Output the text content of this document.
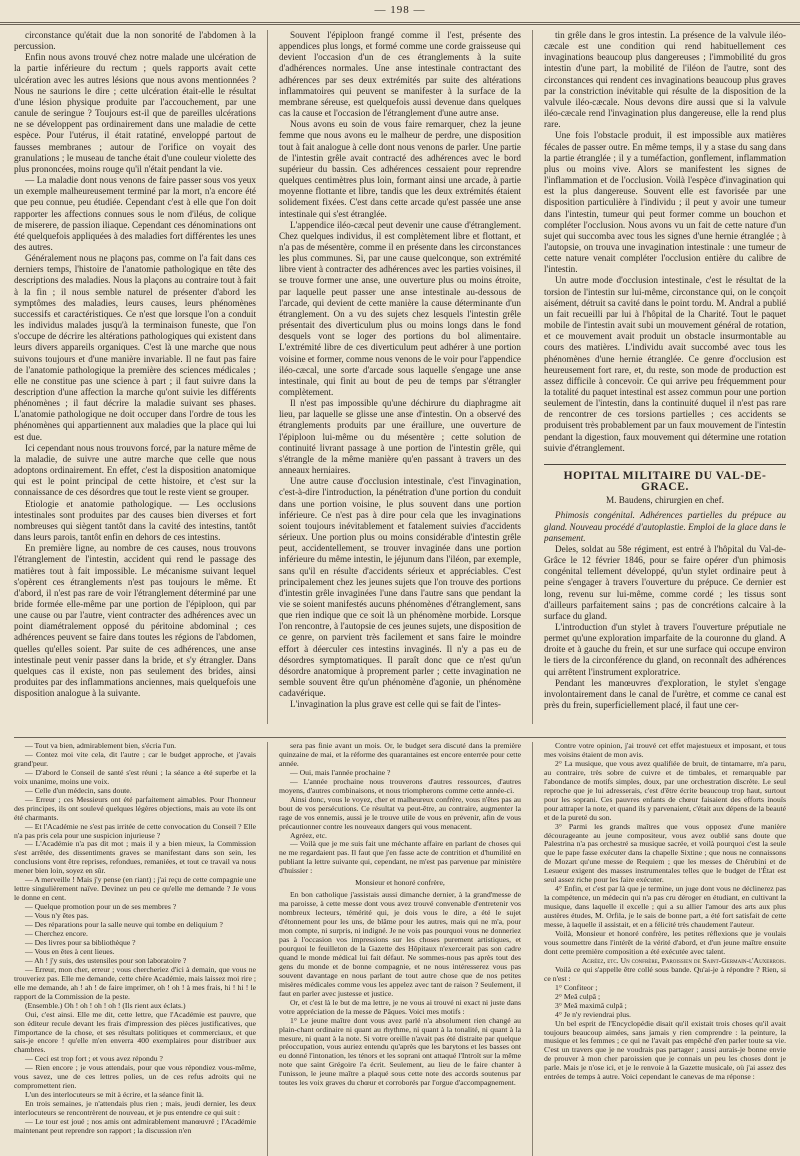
— 198 —

circonstance qu'était due la non sonorité de l'abdomen à la percussion.

Enfin nous avons trouvé chez notre malade une ulcération de la partie inférieure du rectum ; quels rapports avait cette ulcération avec les autres lésions que nous avons mentionnées ? Nous ne saurions le dire ; cette ulcération était-elle le résultat d'une lésion physique produite par l'accouchement, par une canule de seringue ? Toujours est-il que de pareilles ulcérations ne se développent pas ordinairement dans une maladie de cette espèce. Pour l'utérus, il était ratatiné, enveloppé partout de fausses membranes ; autour de l'orifice on voyait des granulations ; le museau de tanche était d'une couleur violette des plus prononcées, moins rouge qu'il n'était pendant la vie.

— La maladie dont nous venons de faire passer sous vos yeux un exemple malheureusement terminé par la mort, n'a encore été que peu connue, peu étudiée. Cependant c'est à elle que l'on doit rapporter les affections connues sous le nom d'iléus, de colique de miserere, de passion iliaque. Cependant ces dénominations ont été quelquefois appliquées à des maladies fort différentes les unes des autres.

Généralement nous ne plaçons pas, comme on l'a fait dans ces derniers temps, l'histoire de l'anatomie pathologique en tête des descriptions des maladies. Nous la plaçons au contraire tout à fait à la fin ; il nous semble naturel de présenter d'abord les symptômes des maladies, leurs causes, leurs phénomènes successifs et caractéristiques. Ce n'est que lorsque l'on a conduit les individus malades jusqu'à la terminaison funeste, que l'on s'occupe de décrire les altérations pathologiques qui existent dans leurs divers appareils organiques. C'est là une marche que nous suivons toujours et d'une manière invariable. Il ne faut pas faire de l'anatomie pathologique la première des sciences médicales ; elle ne constitue pas une science à part ; il faut suivre dans la description d'une affection la marche qu'ont suivie les différents phénomènes ; il faut décrire la maladie suivant ses phases. L'anatomie pathologique ne doit occuper dans l'ordre de tous les phénomènes qui appartiennent aux maladies que la place qui lui est due.

Ici cependant nous nous trouvons forcé, par la nature même de la maladie, de suivre une autre marche que celle que nous adoptons ordinairement. En effet, c'est la disposition anatomique qui est le point principal de cette histoire, et c'est sur la connaissance de ces désordres que tout le reste vient se grouper.

Etiologie et anatomie pathologique. — Les occlusions intestinales sont produites par des causes bien diverses et fort nombreuses qui siègent tantôt dans la cavité des intestins, tantôt dans leurs parois, tantôt enfin en dehors de ces intestins.

En première ligne, au nombre de ces causes, nous trouvons l'étranglement de l'intestin, accident qui rend le passage des matières tout à fait impossible. Le mécanisme suivant lequel s'opèrent ces étranglements n'est pas toujours le même. Et d'abord, il n'est pas rare de voir l'étranglement déterminé par une bride formée elle-même par une portion de l'épiploon, qui par une cause ou par l'autre, vient contracter des adhérences avec un point diamétralement opposé du péritoine abdominal ; ces adhérences peuvent se faire dans toutes les régions de l'abdomen, quelles qu'elles soient. Par suite de ces adhérences, une anse intestinale peut venir passer dans la bride, et s'y étrangler. Dans quelques cas il existe, non pas seulement des brides, ainsi produites par des inflammations anciennes, mais quelquefois une disposition analogue à la suivante.

Souvent l'épiploon frangé comme il l'est, présente des appendices plus longs, et formé comme une corde graisseuse qui devient l'occasion d'un de ces étranglements à la suite d'adhérences normales. Une anse intestinale contractant des adhérences par ses deux extrémités par suite des altérations inflammatoires qui peuvent se manifester à la surface de la membrane séreuse, est quelquefois aussi devenue dans quelques cas la cause et l'occasion de l'étranglement d'une autre anse.

Nous avons eu soin de vous faire remarquer, chez la jeune femme que nous avons eu le malheur de perdre, une disposition tout à fait analogue à celle dont nous venons de parler. Une partie de l'intestin grêle avait contracté des adhérences avec le bord supérieur du bassin. Ces adhérences cessaient pour reprendre quelques centimètres plus loin, formant ainsi une arcade, à partie moyenne flottante et libre, tandis que les deux extrémités étaient solidement fixées. C'est dans cette arcade qu'est passée une anse intestinale qui s'est étranglée.

L'appendice iléo-cæcal peut devenir une cause d'étranglement. Chez quelques individus, il est complètement libre et flottant, et n'a pas de mésentère, comme il en présente dans les circonstances les plus communes. Si, par une cause quelconque, son extrémité libre vient à contracter des adhérences avec les parties voisines, il se trouve former une anse, une ouverture plus ou moins étroite, par laquelle peut passer une anse intestinale au-dessous de l'arcade, qui devient de cette manière la cause déterminante d'un étranglement. On a vu des sujets chez lesquels l'intestin grêle présentait des diverticulum plus ou moins longs dans le fond desquels vont se loger des portions du bol alimentaire. L'extrémité libre de ces diverticulum peut adhérer à une portion voisine et former, comme nous venons de le voir pour l'appendice iléo-cæcal, une sorte d'arcade sous laquelle s'engage une anse intestinale, qui finit au bout de peu de temps par s'étrangler complètement.

Il n'est pas impossible qu'une déchirure du diaphragme ait lieu, par laquelle se glisse une anse d'intestin. On a observé des étranglements produits par une éraillure, une ouverture de l'épiploon lui-même ou du mésentère ; cette solution de continuité livrant passage à une portion de l'intestin grêle, qui s'étrangle de la même manière qu'en passant à travers un des anneaux herniaires.

Une autre cause d'occlusion intestinale, c'est l'invagination, c'est-à-dire l'introduction, la pénétration d'une portion du conduit dans une portion voisine, le plus souvent dans une portion inférieure. Ce n'est pas à dire pour cela que les invaginations soient toujours inévitablement et fatalement suivies d'accidents sérieux. Une portion plus ou moins considérable d'intestin grêle peut, accidentellement, se trouver invaginée dans une portion inférieure du même intestin, le jéjunum dans l'iléon, par exemple, sans qu'il en résulte d'accidents sérieux et appréciables. C'est principalement chez les jeunes sujets que l'on trouve des portions d'intestin grêle invaginées l'une dans l'autre sans que pendant la vie se soient manifestés aucuns phénomènes d'étranglement, sans que rien indique que ce soit là un phénomène morbide. Lorsque l'on rencontre, à l'autopsie de ces jeunes sujets, une disposition de ce genre, on parvient très facilement et sans faire le moindre effort à déerculer ces intestins invaginés. Il n'y a pas eu de désordres symptomatiques. Il paraît donc que ce n'est qu'un désordre anatomique à proprement parler ; cette invagination ne semble souvent être qu'un phénomène d'agonie, un phénomène cadavérique.

L'invagination la plus grave est celle qui se fait de l'intes-

tin grêle dans le gros intestin. La présence de la valvule iléo-cæcale est une condition qui rend habituellement ces invaginations beaucoup plus dangereuses ; l'immobilité du gros intestin d'une part, la mobilité de l'iléon de l'autre, sont des circonstances qui rendent ces invaginations beaucoup plus graves par la constriction inévitable qui résulte de la disposition de la valvule iléo-cæcale. Nous devons dire aussi que si la valvule iléo-cæcale rend l'invagination plus dangereuse, elle la rend plus rare.

Une fois l'obstacle produit, il est impossible aux matières fécales de passer outre. En même temps, il y a stase du sang dans la partie étranglée ; il y a tuméfaction, gonflement, inflammation plus ou moins vive. Alors se manifestent les signes de l'inflammation et de l'occlusion. Voilà l'espèce d'invagination qui est la plus dangereuse. Souvent elle est favorisée par une disposition particulière à l'individu ; il peut y avoir une tumeur dans l'intestin, tumeur qui peut former comme un bouchon et compléter l'occlusion. Nous avons vu un fait de cette nature d'un sujet qui succomba avec tous les signes d'une hernie étranglée ; à l'autopsie, on trouva une invagination intestinale : une tumeur de cette nature venait compléter l'occlusion entière du calibre de l'intestin.

Un autre mode d'occlusion intestinale, c'est le résultat de la torsion de l'intestin sur lui-même, circonstance qui, on le conçoit aisément, détruit sa cavité dans le point tordu. M. Andral a publié un fait recueilli par lui à l'hôpital de la Charité. Tout le paquet mobile de l'intestin avait subi un mouvement général de rotation, et ce mouvement avait produit un obstacle insurmontable au cours des matières. L'individu avait succombé avec tous les phénomènes d'une hernie étranglée. Ce genre d'occlusion est heureusement fort rare, et, du reste, son mode de production est assez difficile à concevoir. Ce qui arrive peu fréquemment pour la totalité du paquet intestinal est assez commun pour une portion seulement de l'intestin, dans la continuité duquel il n'est pas rare de rencontrer de ces torsions partielles ; ces accidents se produisent très probablement par un faux mouvement de l'intestin pendant la digestion, faux mouvement qui détermine une rotation suivie d'étranglement.

HOPITAL MILITAIRE DU VAL-DE-GRACE.

M. Baudens, chirurgien en chef.

Phimosis congénital. Adhérences partielles du prépuce au gland. Nouveau procédé d'autoplastie. Emploi de la glace dans le pansement.

Deles, soldat au 58e régiment, est entré à l'hôpital du Val-de-Grâce le 12 février 1846, pour se faire opérer d'un phimosis congénital tellement développé, qu'un stylet ordinaire peut à peine s'engager à travers l'ouverture du prépuce. Ce dernier est long, revenu sur lui-même, comme cordé ; les tissus sont d'ailleurs parfaitement sains ; pas de concrétions calcaire à la surface du gland.

L'introduction d'un stylet à travers l'ouverture préputiale ne permet qu'une exploration imparfaite de la couronne du gland. A droite et à gauche du frein, et sur une surface qui occupe environ le tiers de la circonférence du gland, on reconnaît des adhérences qui arrêtent l'instrument exploratrice.

Pendant les manœuvres d'exploration, le stylet s'engage involontairement dans le canal de l'urètre, et comme ce canal est près du frein, superficiellement placé, il faut une cer-

— Tout va bien, admirablement bien, s'écria l'un.

— Contez moi vite cela, dit l'autre ; car le budget approche, et j'avais grand'peur.

— D'abord le Conseil de santé s'est réuni ; la séance a été superbe et la voix unanime, moins une voix.

— Celle d'un médecin, sans doute.

— Erreur ; ces Messieurs ont été parfaitement aimables. Pour l'honneur des principes, ils ont soulevé quelques légères objections, mais au vote ils ont été charmants.

— Et l'Académie ne s'est pas irritée de cette convocation du Conseil ? Elle n'a pas pris cela pour une suspicion injurieuse ?

— L'Académie n'a pas dit mot ; mais il y a bien mieux, la Commission s'est arrêtée, des dissentiments graves se manifestant dans son sein, les conclusions vont être reprises, refondues, remaniées, et tout ce travail va nous mener bien loin, soyez en sûr.

— A merveille ! Mais j'y pense (en riant) ; j'ai reçu de cette compagnie une lettre singulièrement naïve. Devinez un peu ce qu'elle me demande ? Je vous le donne en cent.

— Quelque promotion pour un de ses membres ?

— Vous n'y êtes pas.

— Des réparations pour la salle neuve qui tombe en deliquium ?

— Cherchez encore.

— Des livres pour sa bibliothèque ?

— Vous en êtes à cent lieues.

— Ah ! j'y suis, des ustensiles pour son laboratoire ?

— Erreur, mon cher, erreur ; vous chercheriez d'ici à demain, que vous ne trouveriez pas. Elle me demande, cette chère Académie, mais laissez moi rire ; elle me demande, ah ! ah ! de faire imprimer, oh ! oh ! à mes frais, hi ! hi ! le rapport de la Commission de la peste.

(Ensemble.) Oh ! oh ! oh ! oh ! (Ils rient aux éclats.)

Oui, c'est ainsi. Elle me dit, cette lettre, que l'Académie est pauvre, que son éditeur recule devant les frais d'impression des pièces justificatives, que l'importance de la chose, et ses résultats politiques et commerciaux, et que sais-je encore ! qu'elle m'en enverra 400 exemplaires pour distribuer aux chambres.

— Ceci est trop fort ; et vous avez répondu ?

— Rien encore ; je vous attendais, pour que vous répondiez vous-même, vous savez, une de ces lettres polies, un de ces refus adroits qui ne compromettent rien.

L'un des interlocuteurs se mit à écrire, et la séance finit là.

En trois semaines, je n'attendais plus rien ; mais, jeudi dernier, les deux interlocuteurs se rencontrèrent de nouveau, et je pus entendre ce qui suit :

— Le tour est joué ; nos amis ont admirablement manœuvré ; l'Académie maintenant peut reprendre son rapport ; la discussion n'en

sera pas finie avant un mois. Or, le budget sera discuté dans la première quinzaine de mai, et la réforme des quarantaines est encore enterrée pour cette année.

— Oui, mais l'année prochaine ?

— L'année prochaine nous trouverons d'autres ressources, d'autres moyens, d'autres combinaisons, et nous triompherons comme cette année-ci.

Ainsi donc, vous le voyez, cher et malheureux confrère, vous n'êtes pas au bout de vos persécutions. Ce résultat va peut-être, au contraire, augmenter la rage de vos ennemis, aussi je le trouve utile de vous en prévenir, afin de vous précautionner contre les nouveaux dangers qui vous menacent.

Agréez, etc.

— Voilà que je me suis fait une méchante affaire en parlant de choses qui ne me regardaient pas. Il faut que j'en fasse acte de contrition et d'humilité en publiant la lettre suivante qui, cependant, ne m'est pas parvenue par ministère d'huissier :

Monsieur et honoré confrère,

En bon catholique j'assistais aussi dimanche dernier, à la grand'messe de ma paroisse, à cette messe dont vous avez trouvé convenable d'entretenir vos nombreux lecteurs, témérité qui, je dois vous le dire, a été le sujet d'étonnement pour les uns, de blâme pour les autres, mais qui ne m'a, pour mon compte, ni surpris, ni indigné. Je ne vois pas pourquoi vous ne donneriez pas à l'occasion vos impressions sur les choses purement artistiques, et pourquoi le feuilleton de la Gazette des Hôpitaux n'exercerait pas son cadre quand le monde médical lui fait défaut. Ne sommes-nous pas après tout des gens du monde et de bonne compagnie, et ne nous intéresserez vous pas souvent davantage en nous parlant de tout autre chose que de nos petites misères médicales comme vous les appelez avec tant de raison ? Seulement, il faut en parler avec justesse et justice.

Or, et c'est là le but de ma lettre, je ne vous ai trouvé ni exact ni juste dans votre appréciation de la messe de Pâques. Voici mes motifs :

1° Le jeune maître dont vous avez parlé n'a absolument rien changé au plain-chant ordinaire ni quant au rhythme, ni quant à la tonalité, ni quant à la mesure, ni quant à la note. Si votre oreille n'avait pas été distraite par quelque préoccupation, vous auriez entendu qu'après que les barytons et les basses ont eu donné l'intonation, les ténors et les soprani ont attaqué l'Introït sur la même note que saint Grégoire l'a écrit. Seulement, au lieu de le faire chanter à l'unisson, le jeune maître a plaqué sous cette note des accords soutenus par toutes les voix graves du chœur et corroborés par l'orgue d'accompagnement.

Contre votre opinion, j'ai trouvé cet effet majestueux et imposant, et tous mes voisins étaient de mon avis.

2° La musique, que vous avez qualifiée de bruit, de tintamarre, m'a paru, au contraire, très sobre de cuivre et de timbales, et remarquable par l'abondance de motifs simples, doux, par une orchestration discrète. Le seul reproche que je lui adresserais, c'est d'être écrite beaucoup trop haut, surtout pour les soprani. Ces pauvres enfants de chœur faisaient des efforts inouïs pour attraper la note, et quand ils y parvenaient, c'était aux dépens de la beauté et de la pureté du son.

3° Parmi les grands maîtres que vous opposez d'une manière décourageante au jeune compositeur, vous avez oublié sans doute que Palestrina n'a pas orchestré sa musique sacrée, et voilà pourquoi c'est la seule que le pape fasse exécuter dans la chapelle Sixtine ; que nous ne connaissons de Mozart qu'une messe de Requiem ; que les messes de Chérubini et de Lesueur exigent des masses instrumentales telles que le budget de l'État est seul assez riche pour les faire exécuter.

4° Enfin, et c'est par là que je termine, un juge dont vous ne déclinerez pas la compétence, un médecin qui n'a pas cru déroger en étudiant, en cultivant la musique, dans laquelle il excelle ; qui a su allier l'amour des arts aux plus austères études, M. Orfila, je le sais de bonne part, a été fort satisfait de cette messe, à laquelle il assistait, et en a félicité très chaudement l'auteur.

Voilà, Monsieur et honoré confrère, les petites réflexions que je voulais vous soumettre dans l'intérêt de la vérité d'abord, et d'un jeune maître ensuite dont cette première composition a été exécutée avec talent.

Agréez, etc. Un confrère, Paroissien de Saint-Germain-l'Auxerrois.

Voilà ce qui s'appelle être collé sous bande. Qu'ai-je à répondre ? Rien, si ce n'est :

1° Confiteor ;

2° Meâ culpâ ;

3° Meâ maximâ culpâ ;

4° Je n'y reviendrai plus.

Un bel esprit de l'Encyclopédie disait qu'il existait trois choses qu'il avait toujours beaucoup aimées, sans jamais y rien comprendre : la peinture, la musique et les femmes ; ce qui ne l'avait pas empêché d'en parler toute sa vie. C'est un travers que je ne voudrais pas partager ; aussi aurais-je bonne envie de prouver à mon cher paroissien que je connais un peu les choses dont je parle. Mais je n'ose ici, et je le renvoie à la Gazette musicale, où j'ai assez des entrées de temps à autre. Voici cependant le canevas de ma réponse :
